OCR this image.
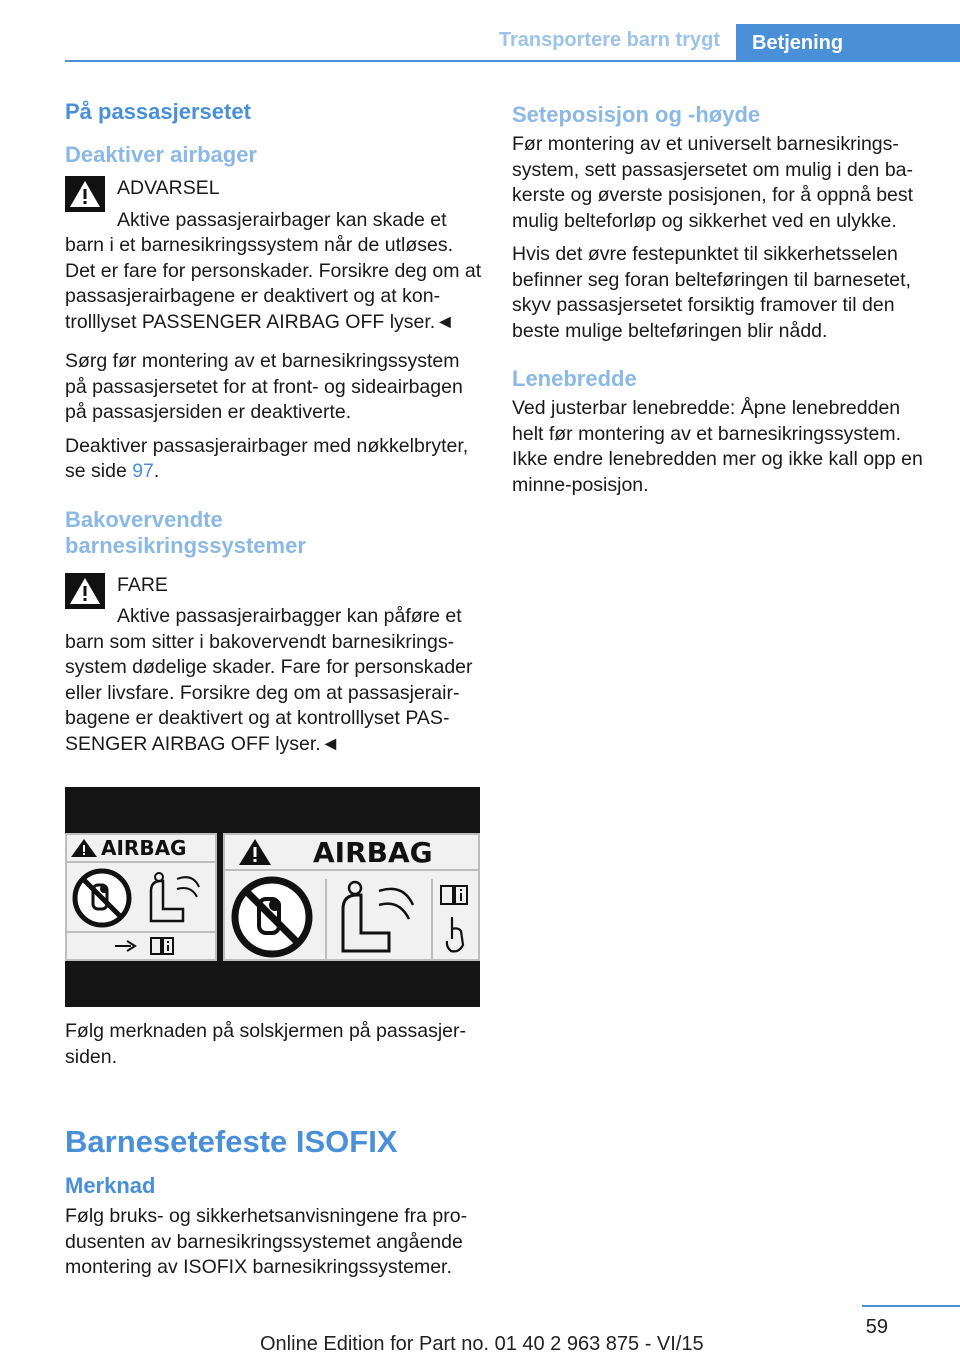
Transportere barn trygt	Betjening
På passasjersetet
Deaktiver airbager

ADVARSEL

Aktive passasjerairbager kan skade et barn i et barnesikringssystem når de utløses. Det er fare for personskader. Forsikre deg om at passasjerairbagene er deaktivert og at kontrolllyset PASSENGER AIRBAG OFF lyser.◄

Sørg før montering av et barnesikringssystem på passasjersetet for at front- og sideairbagen på passasjersiden er deaktiverte.

Deaktiver passasjerairbager med nøkkelbryter, se side 97.

Bakovervendte
barnesikringssystemer

FARE

Aktive passasjerairbagger kan påføre et barn som sitter i bakovervendt barnesikringssystem dødelige skader. Fare for personskader eller livsfare. Forsikre deg om at passasjerairbagene er deaktivert og at kontrolllyset PASSENGER AIRBAG OFF lyser.◄

AIRBAG	AIRBAG

Følg merknaden på solskjermen på passasjersiden.

Barnesetefeste ISOFIX
Merknad

Følg bruks- og sikkerhetsanvisningene fra produsenten av barnesikringssystemet angående montering av ISOFIX barnesikringssystemer.

Seteposisjon og -høyde

Før montering av et universelt barnesikringssystem, sett passasjersetet om mulig i den bakerste og øverste posisjonen, for å oppnå best mulig belteforløp og sikkerhet ved en ulykke.

Hvis det øvre festepunktet til sikkerhetsselen befinner seg foran belteføringen til barnesetet, skyv passasjersetet forsiktig framover til den beste mulige belteføringen blir nådd.

Lenebredde

Ved justerbar lenebredde: Åpne lenebredden helt før montering av et barnesikringssystem. Ikke endre lenebredden mer og ikke kall opp en minne-posisjon.

59
Online Edition for Part no. 01 40 2 963 875 - VI/15
